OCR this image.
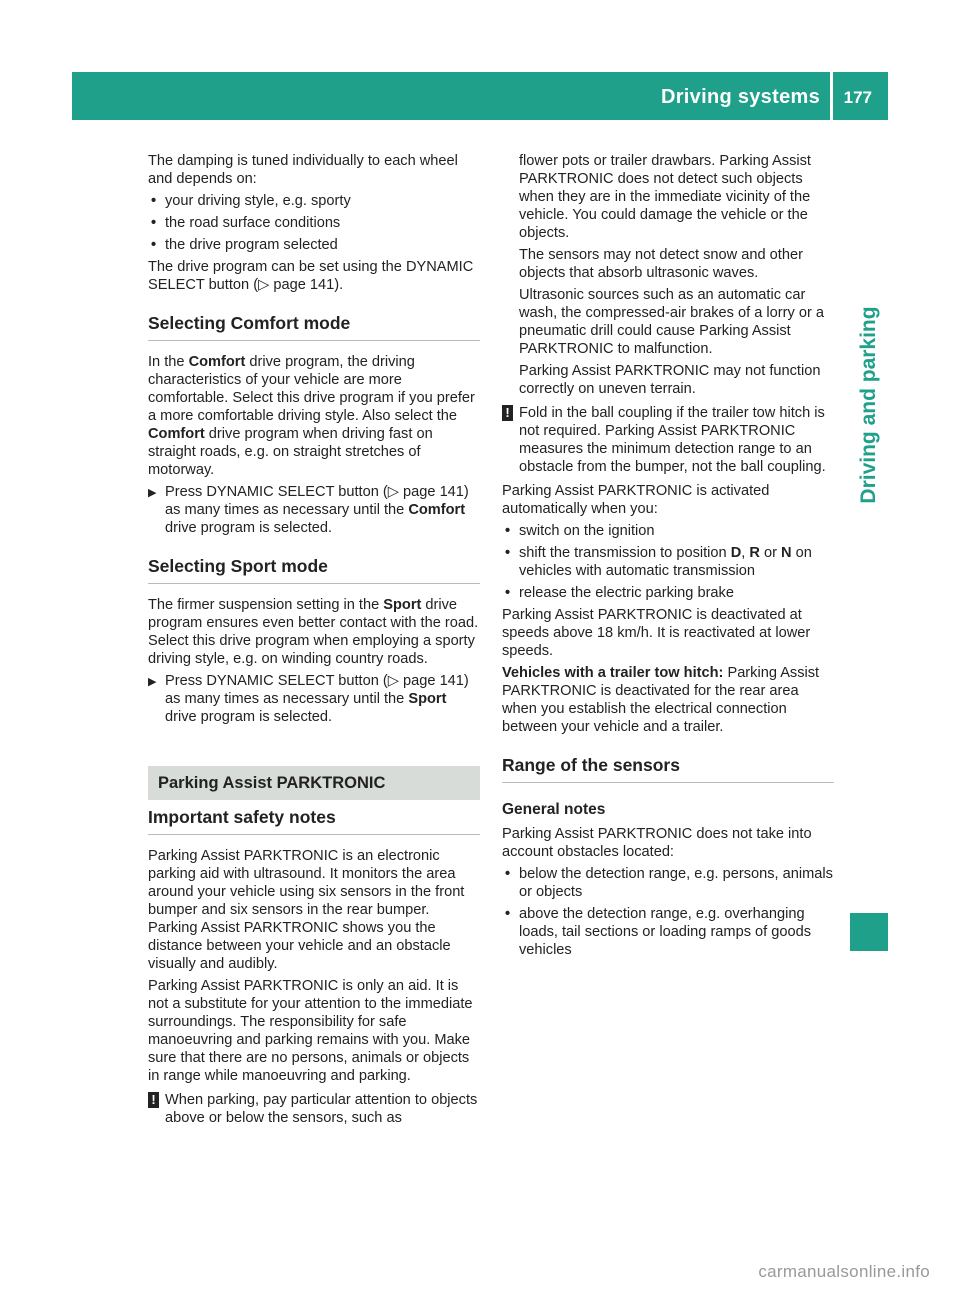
Driving systems 177
Driving and parking

The damping is tuned individually to each wheel and depends on:

• your driving style, e.g. sporty
• the road surface conditions
• the drive program selected

The drive program can be set using the DYNAMIC SELECT button (▷ page 141).

Selecting Comfort mode

In the Comfort drive program, the driving characteristics of your vehicle are more comfortable. Select this drive program if you prefer a more comfortable driving style. Also select the Comfort drive program when driving fast on straight roads, e.g. on straight stretches of motorway.

▶ Press DYNAMIC SELECT button (▷ page 141) as many times as necessary until the Comfort drive program is selected.
Selecting Sport mode

The firmer suspension setting in the Sport drive program ensures even better contact with the road. Select this drive program when employing a sporty driving style, e.g. on winding country roads.

▶ Press DYNAMIC SELECT button (▷ page 141) as many times as necessary until the Sport drive program is selected.
Parking Assist PARKTRONIC
Important safety notes

Parking Assist PARKTRONIC is an electronic parking aid with ultrasound. It monitors the area around your vehicle using six sensors in the front bumper and six sensors in the rear bumper. Parking Assist PARKTRONIC shows you the distance between your vehicle and an obstacle visually and audibly.

Parking Assist PARKTRONIC is only an aid. It is not a substitute for your attention to the immediate surroundings. The responsibility for safe manoeuvring and parking remains with you. Make sure that there are no persons, animals or objects in range while manoeuvring and parking.

! When parking, pay particular attention to objects above or below the sensors, such as

flower pots or trailer drawbars. Parking Assist PARKTRONIC does not detect such objects when they are in the immediate vicinity of the vehicle. You could damage the vehicle or the objects.

The sensors may not detect snow and other objects that absorb ultrasonic waves.

Ultrasonic sources such as an automatic car wash, the compressed-air brakes of a lorry or a pneumatic drill could cause Parking Assist PARKTRONIC to malfunction.

Parking Assist PARKTRONIC may not function correctly on uneven terrain.

! Fold in the ball coupling if the trailer tow hitch is not required. Parking Assist PARKTRONIC measures the minimum detection range to an obstacle from the bumper, not the ball coupling.

Parking Assist PARKTRONIC is activated automatically when you:

• switch on the ignition
• shift the transmission to position D, R or N on vehicles with automatic transmission
• release the electric parking brake

Parking Assist PARKTRONIC is deactivated at speeds above 18 km/h. It is reactivated at lower speeds.

Vehicles with a trailer tow hitch: Parking Assist PARKTRONIC is deactivated for the rear area when you establish the electrical connection between your vehicle and a trailer.

Range of the sensors
General notes

Parking Assist PARKTRONIC does not take into account obstacles located:

• below the detection range, e.g. persons, animals or objects
• above the detection range, e.g. overhanging loads, tail sections or loading ramps of goods vehicles
carmanualsonline.info
